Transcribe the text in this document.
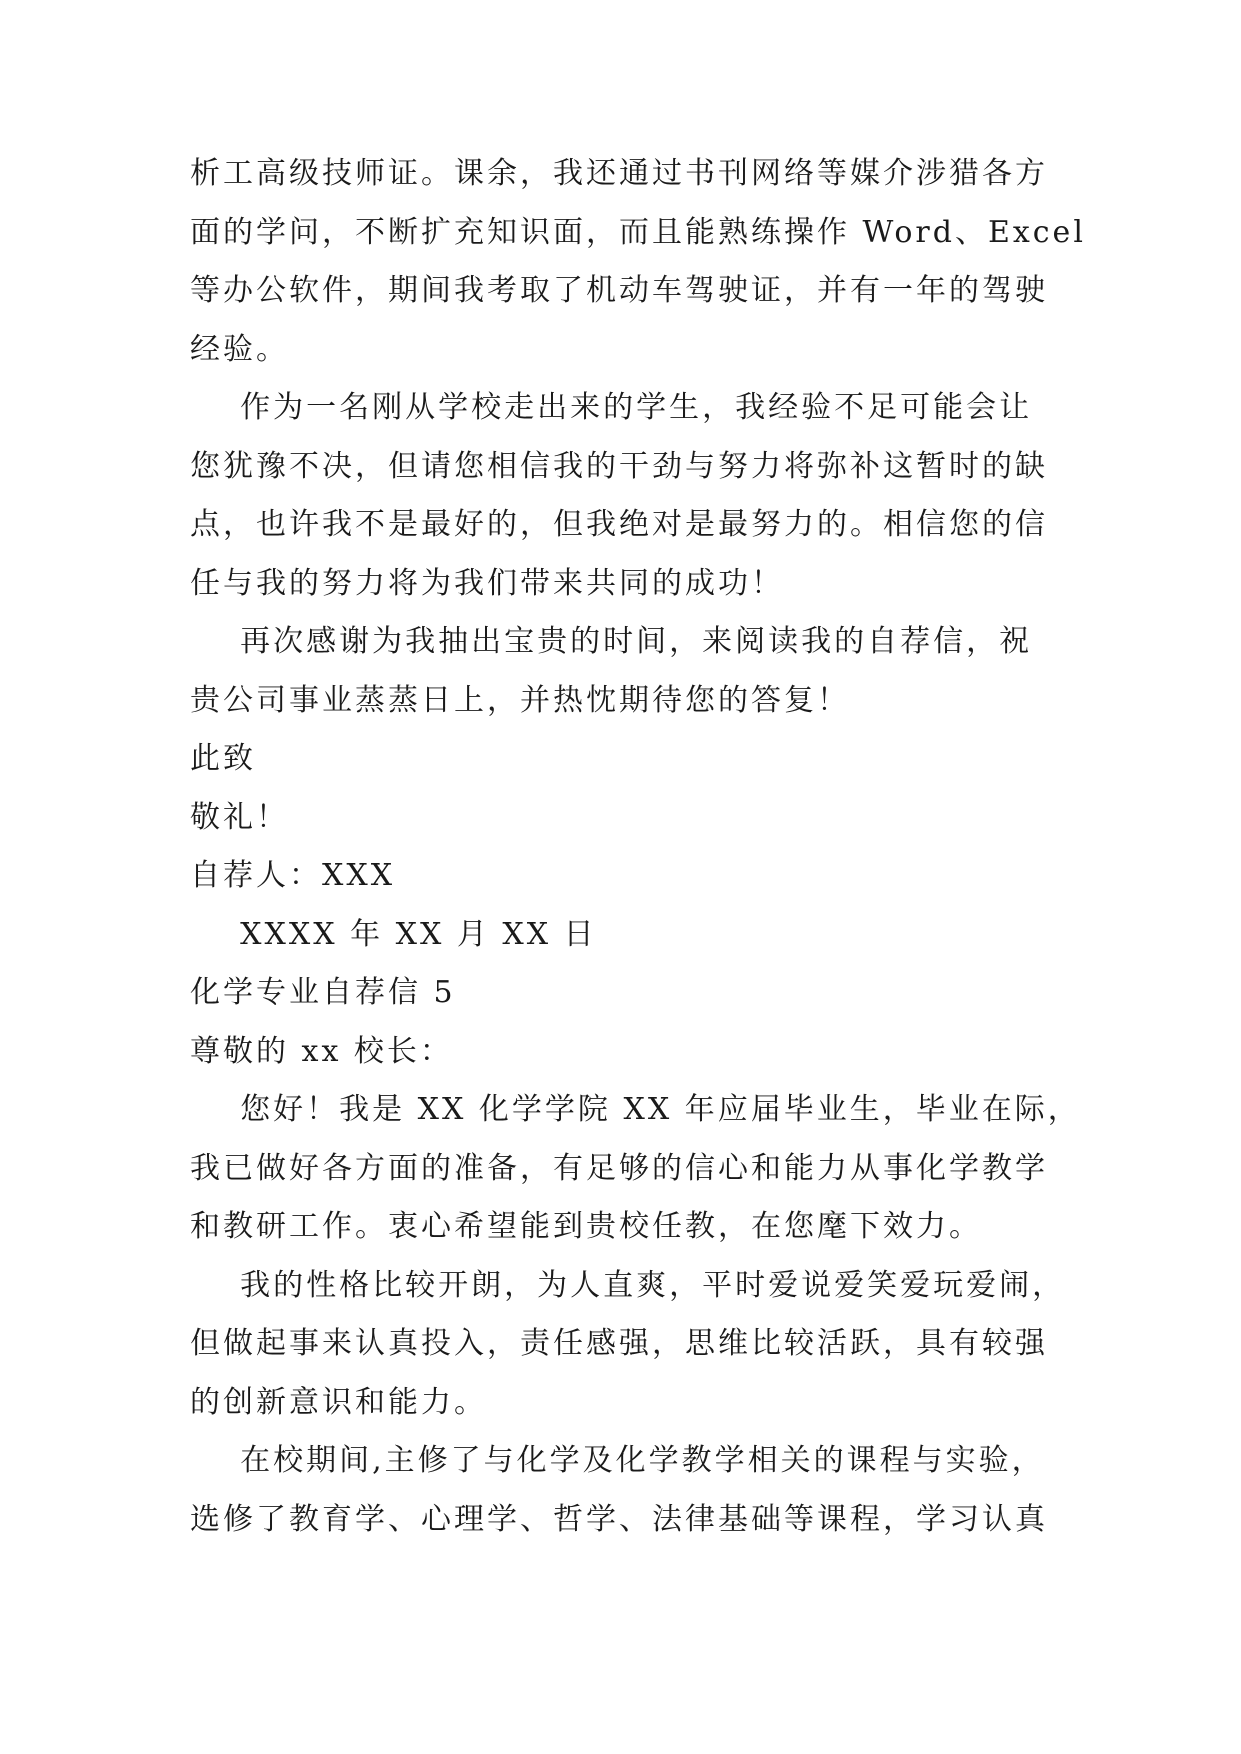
析工高级技师证。课余，我还通过书刊网络等媒介涉猎各方
面的学问，不断扩充知识面，而且能熟练操作 Word、Excel
等办公软件，期间我考取了机动车驾驶证，并有一年的驾驶
经验。
作为一名刚从学校走出来的学生，我经验不足可能会让
您犹豫不决，但请您相信我的干劲与努力将弥补这暂时的缺
点，也许我不是最好的，但我绝对是最努力的。相信您的信
任与我的努力将为我们带来共同的成功！
再次感谢为我抽出宝贵的时间，来阅读我的自荐信，祝
贵公司事业蒸蒸日上，并热忱期待您的答复！
此致
敬礼！
自荐人：XXX
XXXX 年 XX 月 XX 日
化学专业自荐信 5
尊敬的 xx 校长：
您好！我是 XX 化学学院 XX 年应届毕业生，毕业在际，
我已做好各方面的准备，有足够的信心和能力从事化学教学
和教研工作。衷心希望能到贵校任教，在您麾下效力。
我的性格比较开朗，为人直爽，平时爱说爱笑爱玩爱闹，
但做起事来认真投入，责任感强，思维比较活跃，具有较强
的创新意识和能力。
在校期间,主修了与化学及化学教学相关的课程与实验，
选修了教育学、心理学、哲学、法律基础等课程，学习认真
